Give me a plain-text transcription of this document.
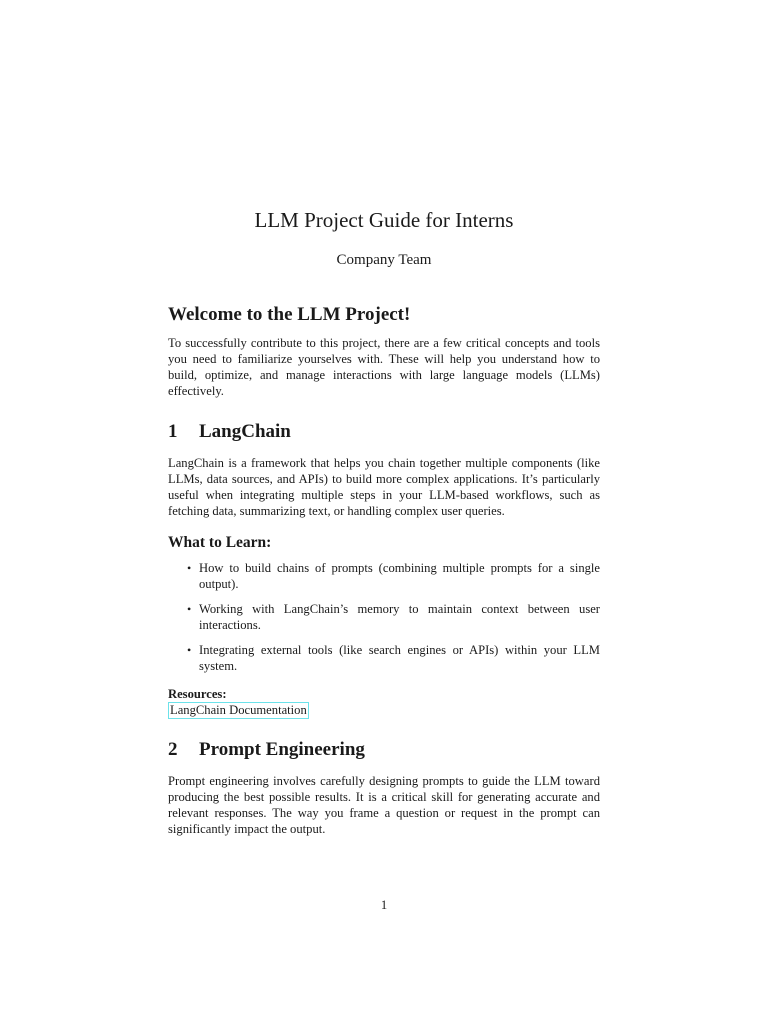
LLM Project Guide for Interns

Company Team

Welcome to the LLM Project!

To successfully contribute to this project, there are a few critical concepts and tools you need to familiarize yourselves with. These will help you understand how to build, optimize, and manage interactions with large language models (LLMs) effectively.

1 LangChain

LangChain is a framework that helps you chain together multiple components (like LLMs, data sources, and APIs) to build more complex applications. It’s particularly useful when integrating multiple steps in your LLM-based workflows, such as fetching data, summarizing text, or handling complex user queries.

What to Learn:
• How to build chains of prompts (combining multiple prompts for a single output).
• Working with LangChain’s memory to maintain context between user interactions.
• Integrating external tools (like search engines or APIs) within your LLM system.

Resources:

LangChain Documentation
2 Prompt Engineering

Prompt engineering involves carefully designing prompts to guide the LLM toward producing the best possible results. It is a critical skill for generating accurate and relevant responses. The way you frame a question or request in the prompt can significantly impact the output.

1
